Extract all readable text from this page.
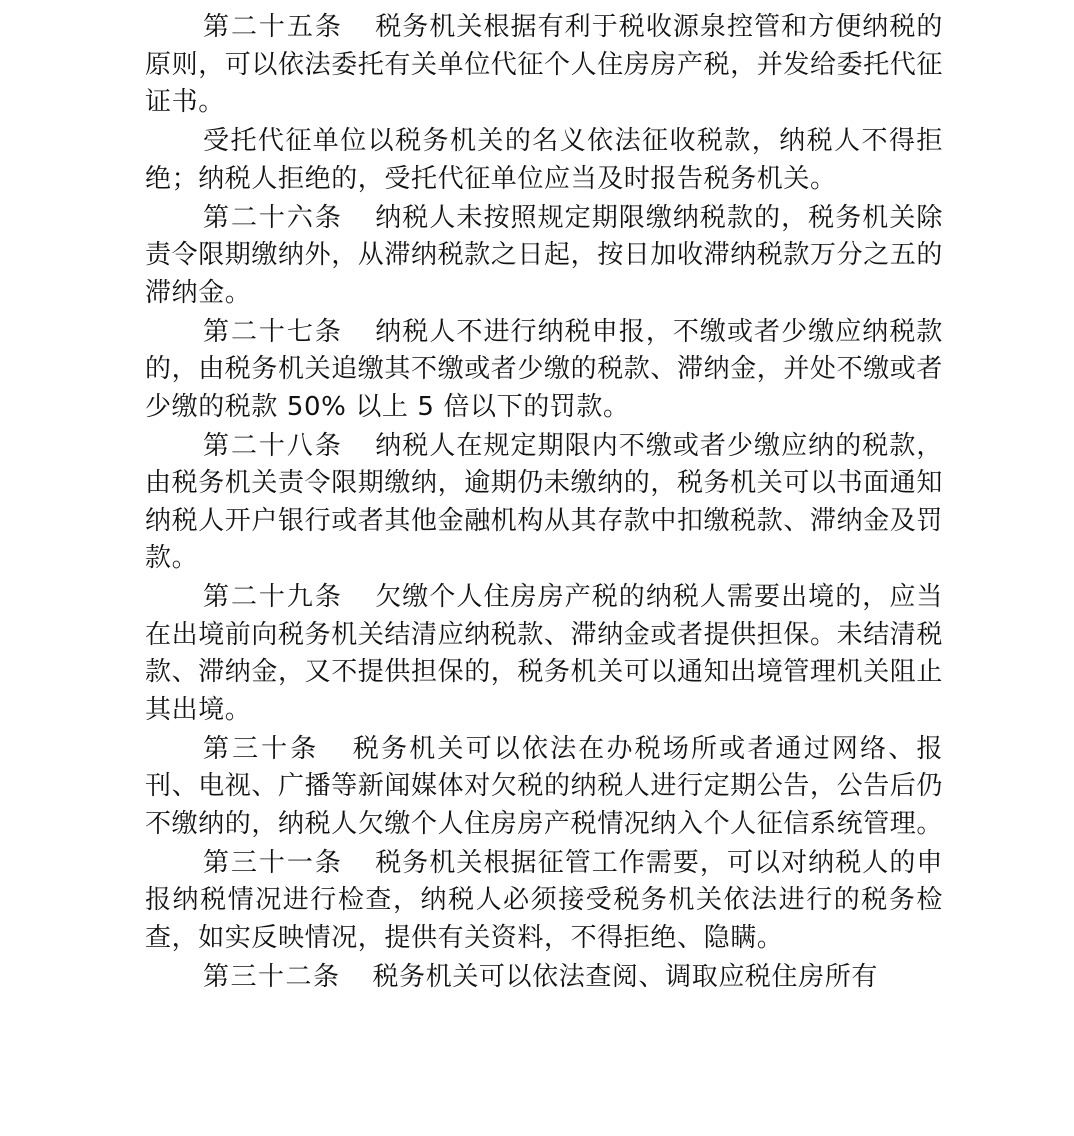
第二十五条 税务机关根据有利于税收源泉控管和方便纳税的原则，可以依法委托有关单位代征个人住房房产税，并发给委托代征证书。

受托代征单位以税务机关的名义依法征收税款，纳税人不得拒绝；纳税人拒绝的，受托代征单位应当及时报告税务机关。

第二十六条 纳税人未按照规定期限缴纳税款的，税务机关除责令限期缴纳外，从滞纳税款之日起，按日加收滞纳税款万分之五的滞纳金。

第二十七条 纳税人不进行纳税申报，不缴或者少缴应纳税款的，由税务机关追缴其不缴或者少缴的税款、滞纳金，并处不缴或者少缴的税款 50% 以上 5 倍以下的罚款。

第二十八条 纳税人在规定期限内不缴或者少缴应纳的税款，由税务机关责令限期缴纳，逾期仍未缴纳的，税务机关可以书面通知纳税人开户银行或者其他金融机构从其存款中扣缴税款、滞纳金及罚款。

第二十九条 欠缴个人住房房产税的纳税人需要出境的，应当在出境前向税务机关结清应纳税款、滞纳金或者提供担保。未结清税款、滞纳金，又不提供担保的，税务机关可以通知出境管理机关阻止其出境。

第三十条 税务机关可以依法在办税场所或者通过网络、报刊、电视、广播等新闻媒体对欠税的纳税人进行定期公告，公告后仍不缴纳的，纳税人欠缴个人住房房产税情况纳入个人征信系统管理。

第三十一条 税务机关根据征管工作需要，可以对纳税人的申报纳税情况进行检查，纳税人必须接受税务机关依法进行的税务检查，如实反映情况，提供有关资料，不得拒绝、隐瞒。

第三十二条 税务机关可以依法查阅、调取应税住房所有
